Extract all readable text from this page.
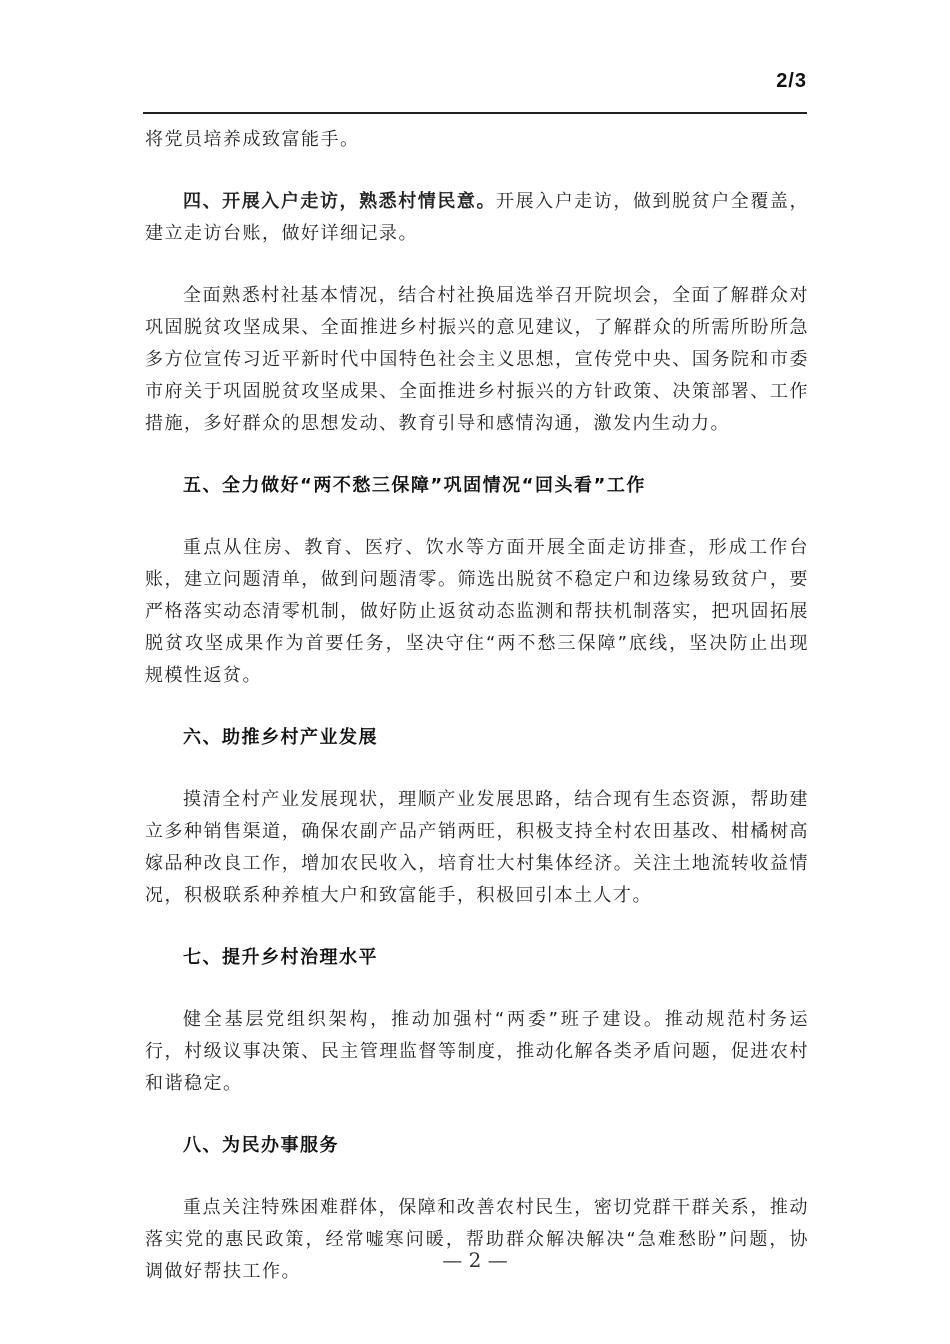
2/3

将党员培养成致富能手。

四、开展入户走访，熟悉村情民意。开展入户走访，做到脱贫户全覆盖，建立走访台账，做好详细记录。

全面熟悉村社基本情况，结合村社换届选举召开院坝会，全面了解群众对巩固脱贫攻坚成果、全面推进乡村振兴的意见建议，了解群众的所需所盼所急多方位宣传习近平新时代中国特色社会主义思想，宣传党中央、国务院和市委市府关于巩固脱贫攻坚成果、全面推进乡村振兴的方针政策、决策部署、工作措施，多好群众的思想发动、教育引导和感情沟通，激发内生动力。

五、全力做好“两不愁三保障”巩固情况“回头看”工作

重点从住房、教育、医疗、饮水等方面开展全面走访排查，形成工作台账，建立问题清单，做到问题清零。筛选出脱贫不稳定户和边缘易致贫户，要严格落实动态清零机制，做好防止返贫动态监测和帮扶机制落实，把巩固拓展脱贫攻坚成果作为首要任务，坚决守住“两不愁三保障”底线，坚决防止出现规模性返贫。

六、助推乡村产业发展

摸清全村产业发展现状，理顺产业发展思路，结合现有生态资源，帮助建立多种销售渠道，确保农副产品产销两旺，积极支持全村农田基改、柑橘树高嫁品种改良工作，增加农民收入，培育壮大村集体经济。关注土地流转收益情况，积极联系种养植大户和致富能手，积极回引本土人才。

七、提升乡村治理水平

健全基层党组织架构，推动加强村“两委”班子建设。推动规范村务运行，村级议事决策、民主管理监督等制度，推动化解各类矛盾问题，促进农村和谐稳定。

八、为民办事服务

重点关注特殊困难群体，保障和改善农村民生，密切党群干群关系，推动落实党的惠民政策，经常嘘寒问暖，帮助群众解决解决“急难愁盼”问题，协调做好帮扶工作。	— 2 —
